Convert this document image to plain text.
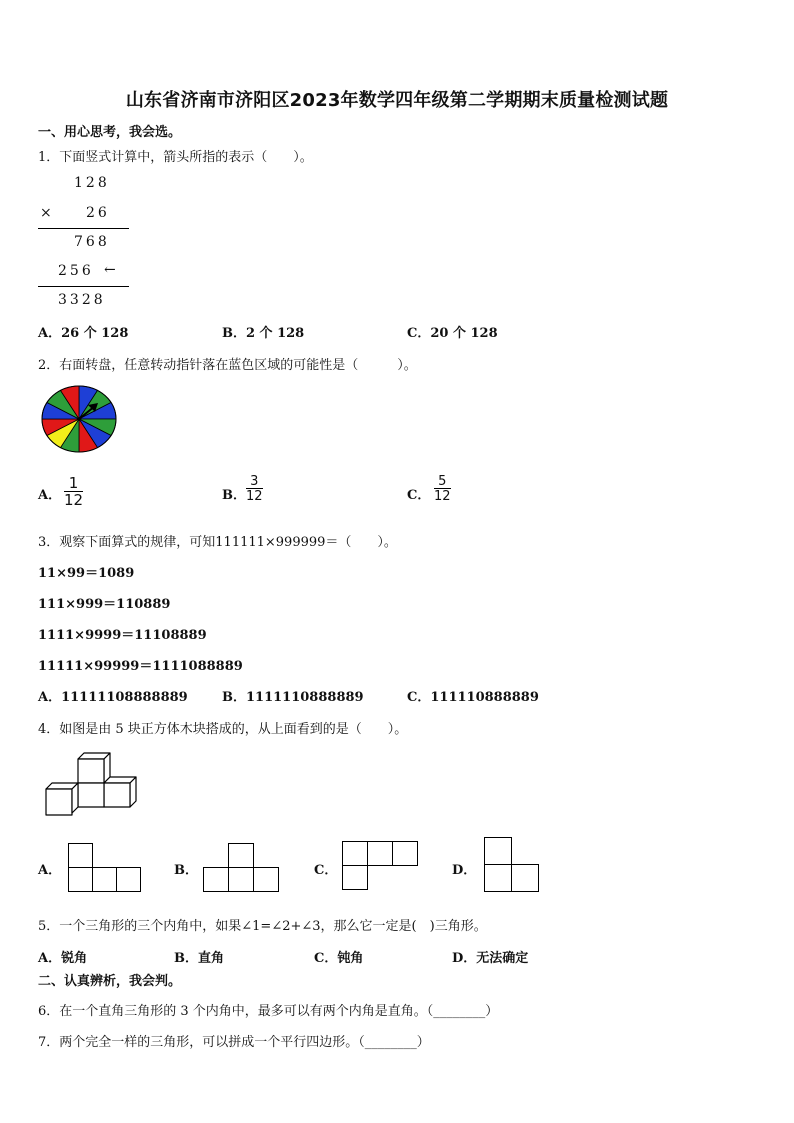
山东省济南市济阳区2023年数学四年级第二学期期末质量检测试题
一、用心思考，我会选。
1．下面竖式计算中，箭头所指的表示（　　）。
128
× 26
768
256 ←
3328
A．26 个 128	B．2 个 128	C．20 个 128
2．右面转盘，任意转动指针落在蓝色区域的可能性是（　　　）。
A． $\frac{1}{12}$	B． $\frac{3}{12}$	C． $\frac{5}{12}$
3．观察下面算式的规律，可知111111×999999＝（　　）。
11×99＝1089
111×999＝110889
1111×9999＝11108889
11111×99999＝1111088889
A．11111108888889	B．1111110888889	C．111110888889
4．如图是由 5 块正方体木块搭成的，从上面看到的是（　　）。
A．	B．	C．	D．
5．一个三角形的三个内角中，如果∠1=∠2+∠3，那么它一定是(　)三角形。
A．锐角	B．直角	C．钝角	D．无法确定
二、认真辨析，我会判。
6．在一个直角三角形的 3 个内角中，最多可以有两个内角是直角。（________）
7．两个完全一样的三角形，可以拼成一个平行四边形。（________）
